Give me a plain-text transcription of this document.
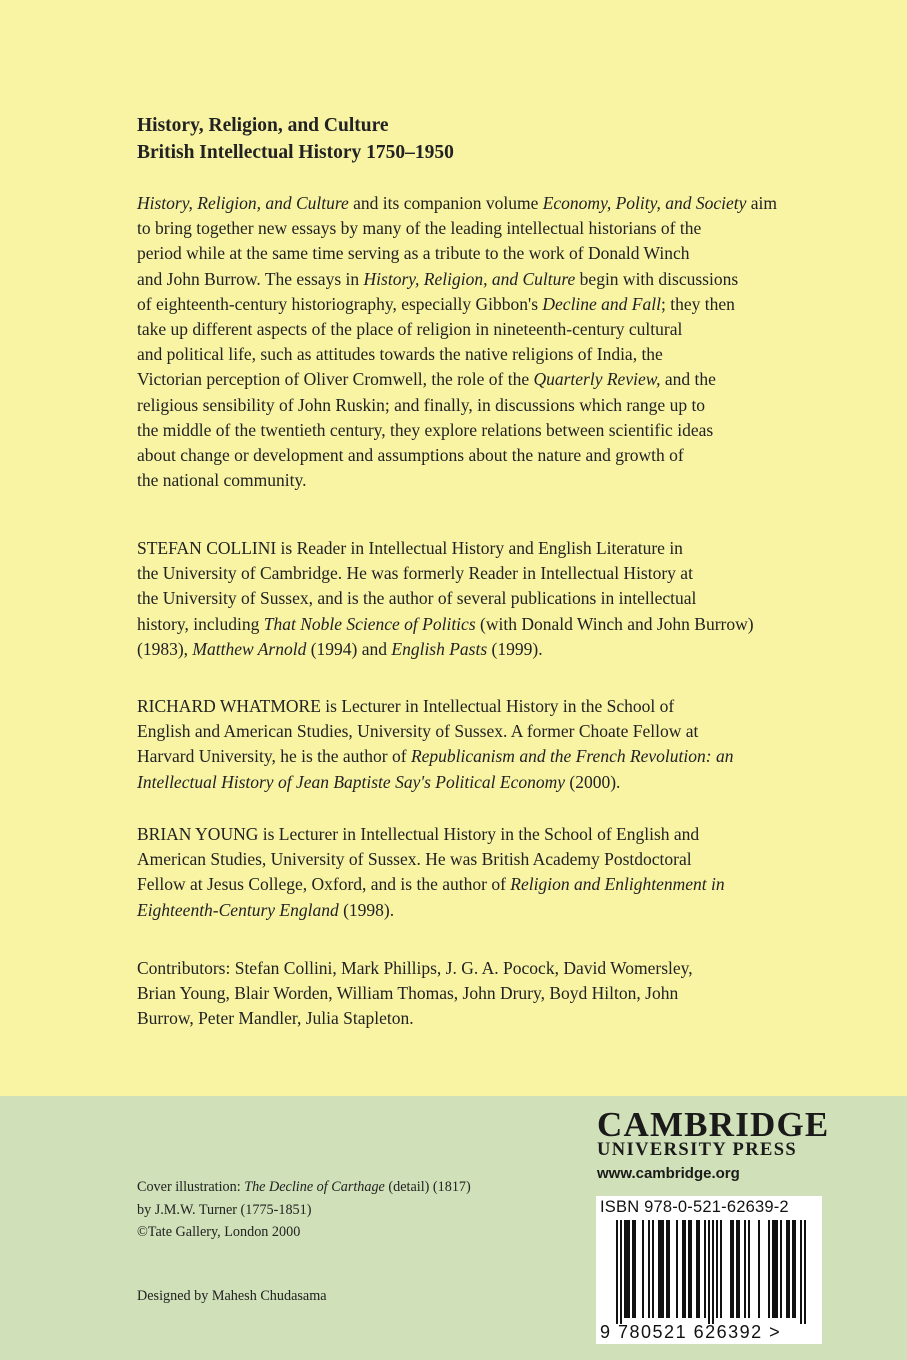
History, Religion, and Culture
British Intellectual History 1750–1950
History, Religion, and Culture and its companion volume Economy, Polity, and Society aim
to bring together new essays by many of the leading intellectual historians of the
period while at the same time serving as a tribute to the work of Donald Winch
and John Burrow. The essays in History, Religion, and Culture begin with discussions
of eighteenth-century historiography, especially Gibbon's Decline and Fall; they then
take up different aspects of the place of religion in nineteenth-century cultural
and political life, such as attitudes towards the native religions of India, the
Victorian perception of Oliver Cromwell, the role of the Quarterly Review, and the
religious sensibility of John Ruskin; and finally, in discussions which range up to
the middle of the twentieth century, they explore relations between scientific ideas
about change or development and assumptions about the nature and growth of
the national community.
STEFAN COLLINI is Reader in Intellectual History and English Literature in
the University of Cambridge. He was formerly Reader in Intellectual History at
the University of Sussex, and is the author of several publications in intellectual
history, including That Noble Science of Politics (with Donald Winch and John Burrow)
(1983), Matthew Arnold (1994) and English Pasts (1999).
RICHARD WHATMORE is Lecturer in Intellectual History in the School of
English and American Studies, University of Sussex. A former Choate Fellow at
Harvard University, he is the author of Republicanism and the French Revolution: an
Intellectual History of Jean Baptiste Say's Political Economy (2000).
BRIAN YOUNG is Lecturer in Intellectual History in the School of English and
American Studies, University of Sussex. He was British Academy Postdoctoral
Fellow at Jesus College, Oxford, and is the author of Religion and Enlightenment in
Eighteenth-Century England (1998).
Contributors: Stefan Collini, Mark Phillips, J. G. A. Pocock, David Womersley,
Brian Young, Blair Worden, William Thomas, John Drury, Boyd Hilton, John
Burrow, Peter Mandler, Julia Stapleton.
Cover illustration: The Decline of Carthage (detail) (1817)
by J.M.W. Turner (1775-1851)
©Tate Gallery, London 2000
Designed by Mahesh Chudasama
CAMBRIDGE
UNIVERSITY PRESS
www.cambridge.org
ISBN 978-0-521-62639-2
9 780521 626392 >
